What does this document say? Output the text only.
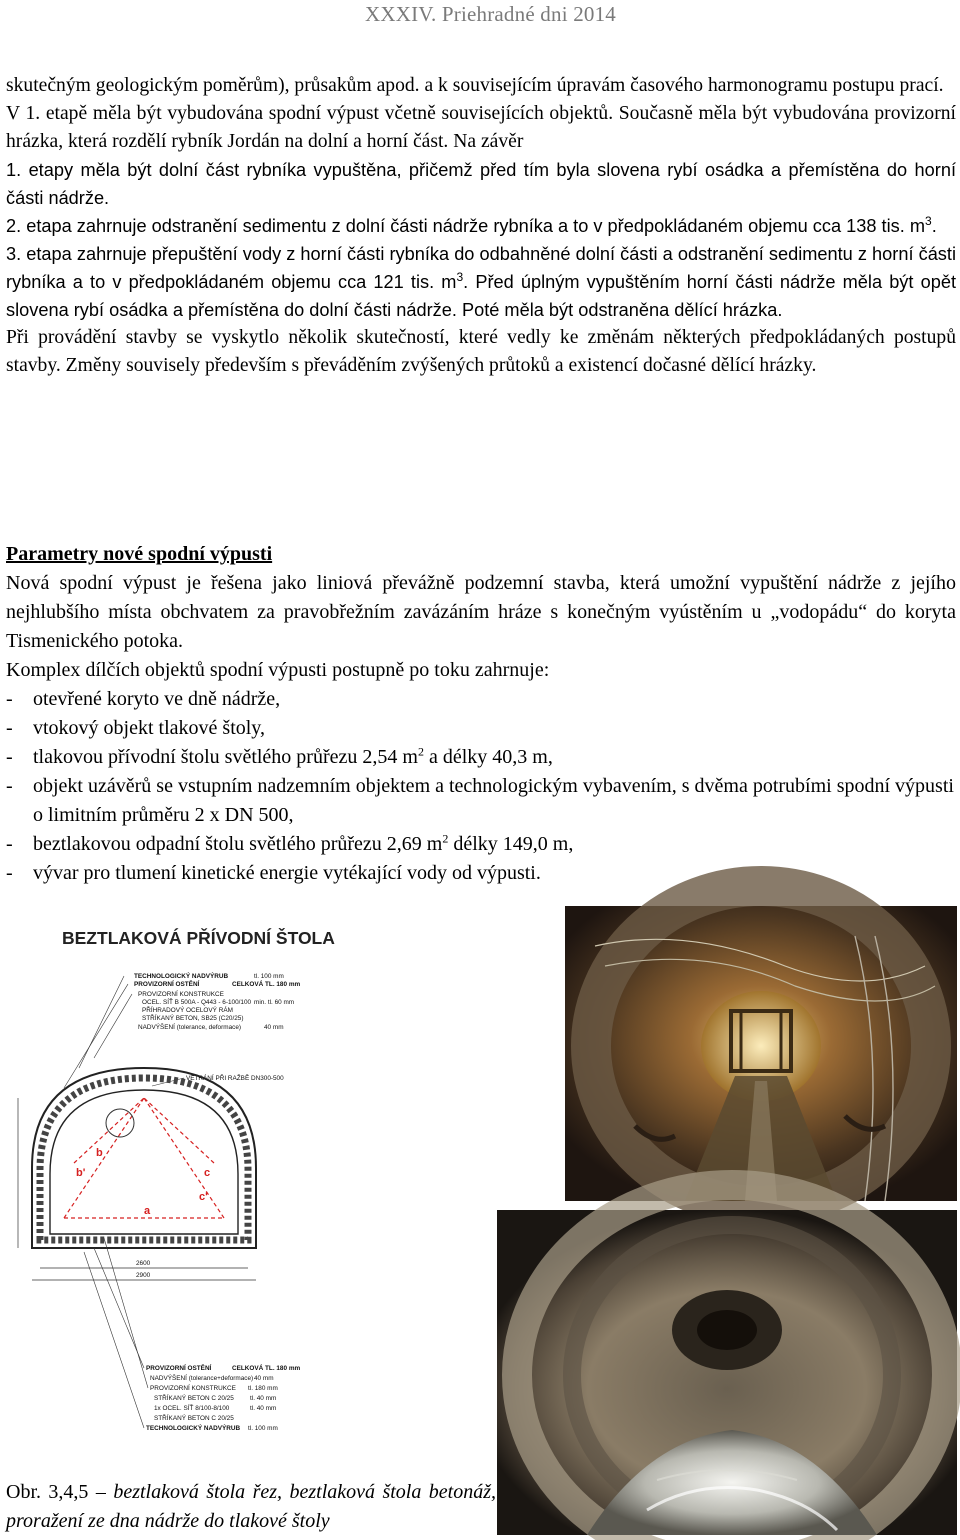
XXXIV. Priehradné dni 2014

skutečným geologickým poměrům), průsakům apod. a k souvisejícím úpravám časového harmonogramu postupu prací.

V 1. etapě měla být vybudována spodní výpust včetně souvisejících objektů. Současně měla být vybudována provizorní hrázka, která rozdělí rybník Jordán na dolní a horní část. Na závěr

1. etapy měla být dolní část rybníka vypuštěna, přičemž před tím byla slovena rybí osádka a přemístěna do horní části nádrže.

2. etapa zahrnuje odstranění sedimentu z dolní části nádrže rybníka a to v předpokládaném objemu cca 138 tis. $m^3$.

3. etapa zahrnuje přepuštění vody z horní části rybníka do odbahněné dolní části a odstranění sedimentu z horní části rybníka a to v předpokládaném objemu cca 121 tis. $m^3$. Před úplným vypuštěním horní části nádrže měla být opět slovena rybí osádka a přemístěna do dolní části nádrže. Poté měla být odstraněna dělící hrázka.

Při provádění stavby se vyskytlo několik skutečností, které vedly ke změnám některých předpokládaných postupů stavby. Změny souvisely především s převáděním zvýšených průtoků a existencí dočasné dělící hrázky.

Parametry nové spodní výpusti

Nová spodní výpust je řešena jako liniová převážně podzemní stavba, která umožní vypuštění nádrže z jejího nejhlubšího místa obchvatem za pravobřežním zavázáním hráze s konečným vyústěním u „vodopádu“ do koryta Tismenického potoka.

Komplex dílčích objektů spodní výpusti postupně po toku zahrnuje:

- otevřené koryto ve dně nádrže,
- vtokový objekt tlakové štoly,
- tlakovou přívodní štolu světlého průřezu 2,54 $m^2$ a délky 40,3 m,
- objekt uzávěrů se vstupním nadzemním objektem a technologickým vybavením, s dvěma potrubími spodní výpusti o limitním průměru 2 x DN 500,
- beztlakovou odpadní štolu světlého průřezu 2,69 $m^2$ délky 149,0 m,
- vývar pro tlumení kinetické energie vytékající vody od výpusti.
BEZTLAKOVÁ PŘÍVODNÍ ŠTOLA
TECHNOLOGICKÝ NADVÝRUB
PROVIZORNÍ OSTĚNÍ	CELKOVÁ TL. 180 mm
PROVIZORNÍ KONSTRUKCE
OCEL. SÍŤ B 500A - Q443 - 6-100/100
PŘÍHRADOVÝ OCELOVÝ RÁM
STŘÍKANÝ BETON, SB25 (C20/25)
NADVÝŠENÍ (tolerance, deformace)
tl. 100 mm
min. tl. 60 mm
40 mm
VĚTRÁNÍ PŘI RAŽBĚ DN300-500
b
b'	c
c'
a
2600
2900
PROVIZORNÍ OSTĚNÍ
NADVÝŠENÍ (tolerance+deformace)
PROVIZORNÍ KONSTRUKCE
STŘÍKANÝ BETON C 20/25
1x OCEL. SÍŤ 8/100-8/100
STŘÍKANÝ BETON C 20/25
TECHNOLOGICKÝ NADVÝRUB
CELKOVÁ TL. 180 mm
40 mm
tl. 180 mm
tl. 40 mm
tl. 40 mm
tl. 100 mm
Obr. 3,4,5 – beztlaková štola řez, beztlaková štola betonáž, proražení ze dna nádrže do tlakové štoly
